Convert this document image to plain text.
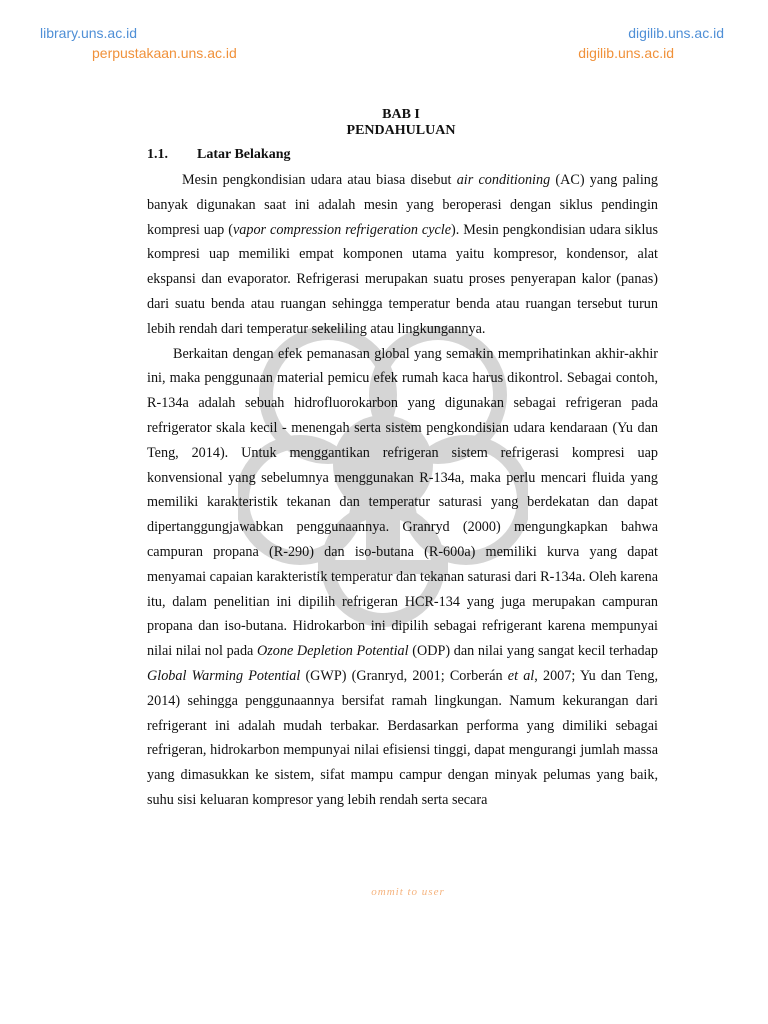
library.uns.ac.id
perpustakaan.uns.ac.id
digilib.uns.ac.id
digilib.uns.ac.id
BAB I
PENDAHULUAN
1.1. Latar Belakang

Mesin pengkondisian udara atau biasa disebut air conditioning (AC) yang paling banyak digunakan saat ini adalah mesin yang beroperasi dengan siklus pendingin kompresi uap (vapor compression refrigeration cycle). Mesin pengkondisian udara siklus kompresi uap memiliki empat komponen utama yaitu kompresor, kondensor, alat ekspansi dan evaporator. Refrigerasi merupakan suatu proses penyerapan kalor (panas) dari suatu benda atau ruangan sehingga temperatur benda atau ruangan tersebut turun lebih rendah dari temperatur sekeliling atau lingkungannya.

Berkaitan dengan efek pemanasan global yang semakin memprihatinkan akhir-akhir ini, maka penggunaan material pemicu efek rumah kaca harus dikontrol. Sebagai contoh, R-134a adalah sebuah hidrofluorokarbon yang digunakan sebagai refrigeran pada refrigerator skala kecil - menengah serta sistem pengkondisian udara kendaraan (Yu dan Teng, 2014). Untuk menggantikan refrigeran sistem refrigerasi kompresi uap konvensional yang sebelumnya menggunakan R-134a, maka perlu mencari fluida yang memiliki karakteristik tekanan dan temperatur saturasi yang berdekatan dan dapat dipertanggungjawabkan penggunaannya. Granryd (2000) mengungkapkan bahwa campuran propana (R-290) dan iso-butana (R-600a) memiliki kurva yang dapat menyamai capaian karakteristik temperatur dan tekanan saturasi dari R-134a. Oleh karena itu, dalam penelitian ini dipilih refrigeran HCR-134 yang juga merupakan campuran propana dan iso-butana. Hidrokarbon ini dipilih sebagai refrigerant karena mempunyai nilai nilai nol pada Ozone Depletion Potential (ODP) dan nilai yang sangat kecil terhadap Global Warming Potential (GWP) (Granryd, 2001; Corberán et al, 2007; Yu dan Teng, 2014) sehingga penggunaannya bersifat ramah lingkungan. Namum kekurangan dari refrigerant ini adalah mudah terbakar. Berdasarkan performa yang dimiliki sebagai refrigeran, hidrokarbon mempunyai nilai efisiensi tinggi, dapat mengurangi jumlah massa yang dimasukkan ke sistem, sifat mampu campur dengan minyak pelumas yang baik, suhu sisi keluaran kompresor yang lebih rendah serta secara

ommit to user
